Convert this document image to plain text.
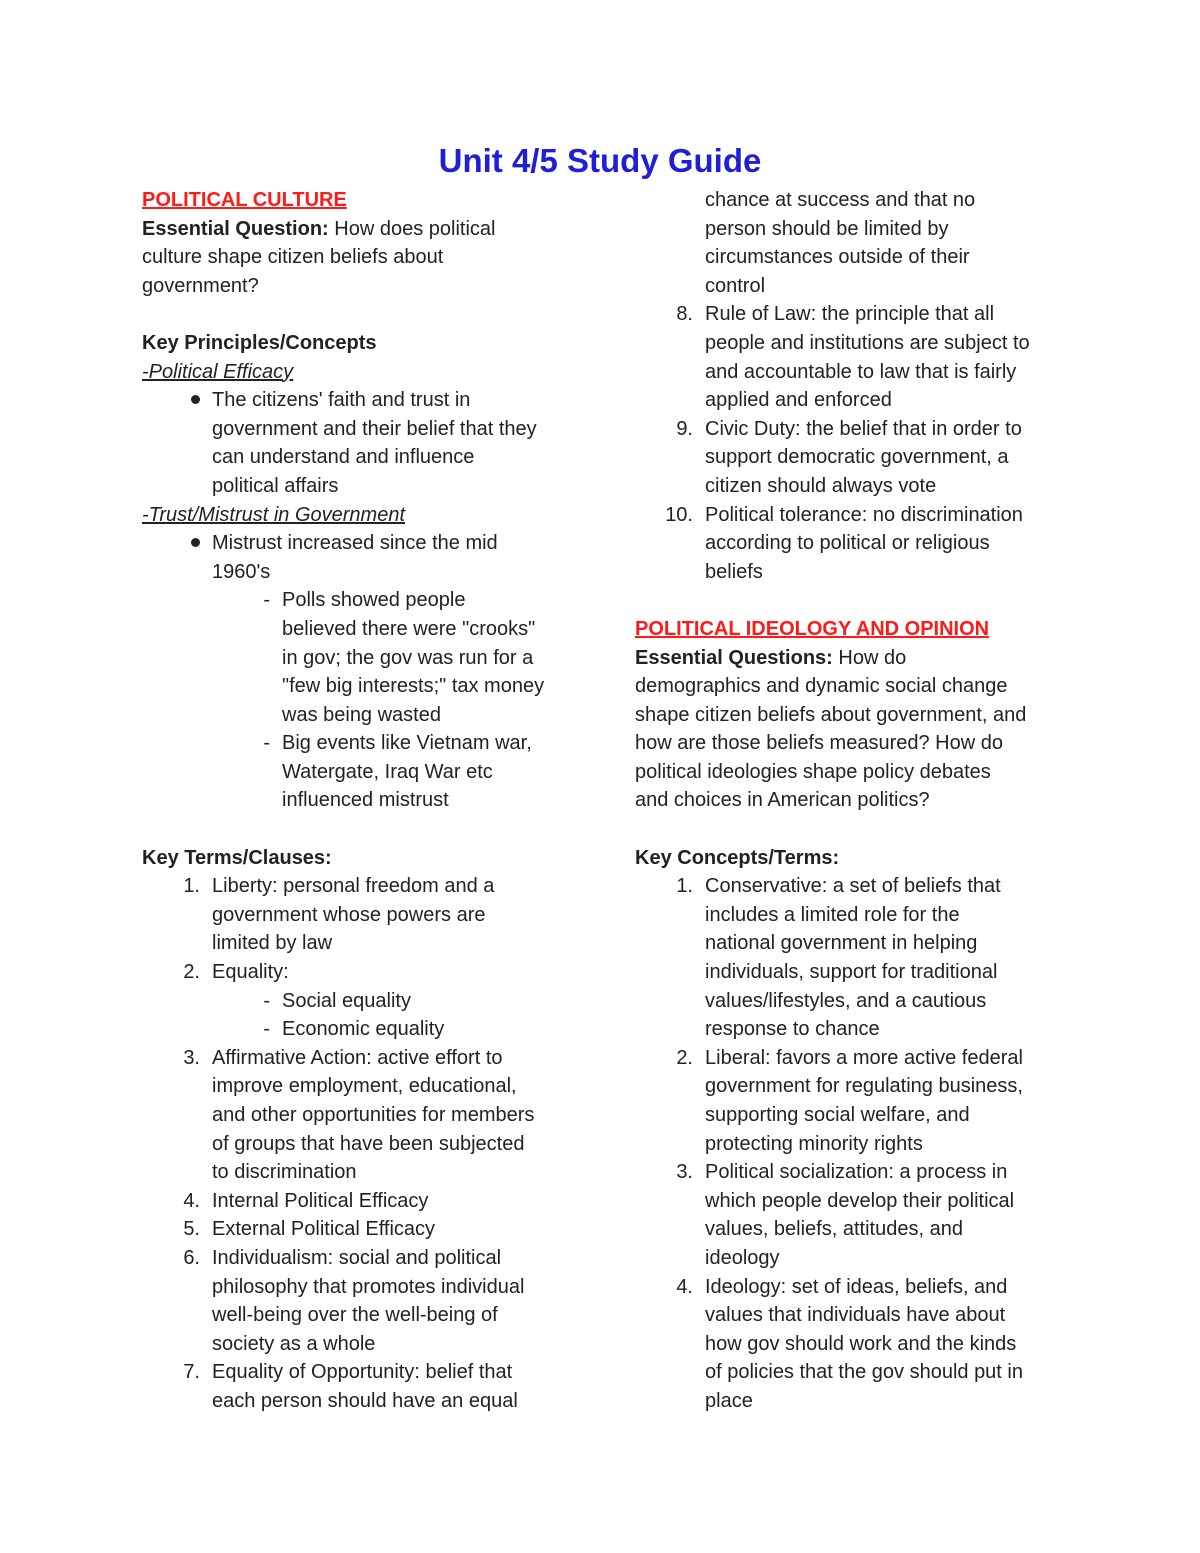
Unit 4/5 Study Guide
POLITICAL CULTURE
Essential Question: How does political
culture shape citizen beliefs about
government?
Key Principles/Concepts
-Political Efficacy
The citizens' faith and trust in
government and their belief that they
can understand and influence
political affairs
-Trust/Mistrust in Government
Mistrust increased since the mid
1960's
- Polls showed people
believed there were "crooks"
in gov; the gov was run for a
"few big interests;" tax money
was being wasted
- Big events like Vietnam war,
Watergate, Iraq War etc
influenced mistrust
Key Terms/Clauses:
1. Liberty: personal freedom and a
government whose powers are
limited by law
2. Equality:
- Social equality
- Economic equality
3. Affirmative Action: active effort to
improve employment, educational,
and other opportunities for members
of groups that have been subjected
to discrimination
4. Internal Political Efficacy
5. External Political Efficacy
6. Individualism: social and political
philosophy that promotes individual
well-being over the well-being of
society as a whole
7. Equality of Opportunity: belief that
each person should have an equal
chance at success and that no
person should be limited by
circumstances outside of their
control
8. Rule of Law: the principle that all
people and institutions are subject to
and accountable to law that is fairly
applied and enforced
9. Civic Duty: the belief that in order to
support democratic government, a
citizen should always vote
10. Political tolerance: no discrimination
according to political or religious
beliefs
POLITICAL IDEOLOGY AND OPINION
Essential Questions: How do
demographics and dynamic social change
shape citizen beliefs about government, and
how are those beliefs measured? How do
political ideologies shape policy debates
and choices in American politics?
Key Concepts/Terms:
1. Conservative: a set of beliefs that
includes a limited role for the
national government in helping
individuals, support for traditional
values/lifestyles, and a cautious
response to chance
2. Liberal: favors a more active federal
government for regulating business,
supporting social welfare, and
protecting minority rights
3. Political socialization: a process in
which people develop their political
values, beliefs, attitudes, and
ideology
4. Ideology: set of ideas, beliefs, and
values that individuals have about
how gov should work and the kinds
of policies that the gov should put in
place
